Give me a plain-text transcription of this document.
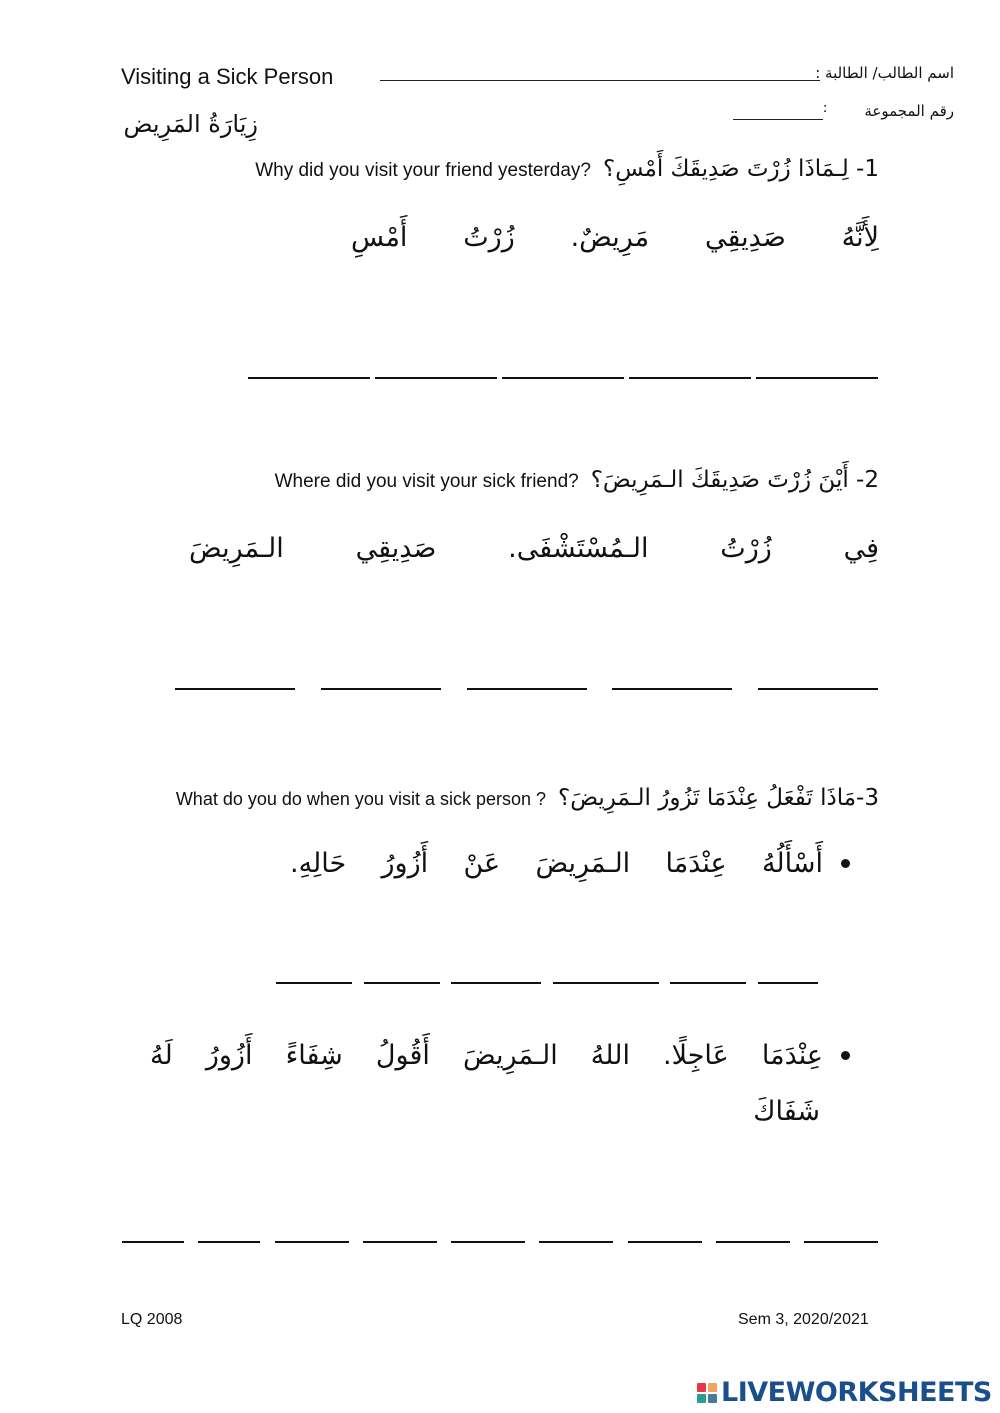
Visiting a Sick Person	اسم الطالب/ الطالبة :
رقم المجموعة
:
زِيَارَةُ المَرِيض
Why did you visit your friend yesterday? 1- لِـمَاذَا زُرْتَ صَدِيقَكَ أَمْسِ؟
لِأَنَّهُ
صَدِيقِي
مَرِيضٌ.
زُرْتُ
أَمْسِ
Where did you visit your sick friend? 2- أَيْنَ زُرْتَ صَدِيقَكَ الـمَرِيضَ؟
فِي
زُرْتُ
الـمُسْتَشْفَى.
صَدِيقِي
الـمَرِيضَ
What do you do when you visit a sick person ? 3-مَاذَا تَفْعَلُ عِنْدَمَا تَزُورُ الـمَرِيضَ؟
أَسْأَلُهُ
عِنْدَمَا
الـمَرِيضَ
عَنْ
أَزُورُ
حَالِهِ.
عِنْدَمَا
عَاجِلًا.
اللهُ
الـمَرِيضَ
أَقُولُ
شِفَاءً
أَزُورُ
لَهُ
شَفَاكَ
LQ 2008	Sem 3, 2020/2021
LIVEWORKSHEETS
